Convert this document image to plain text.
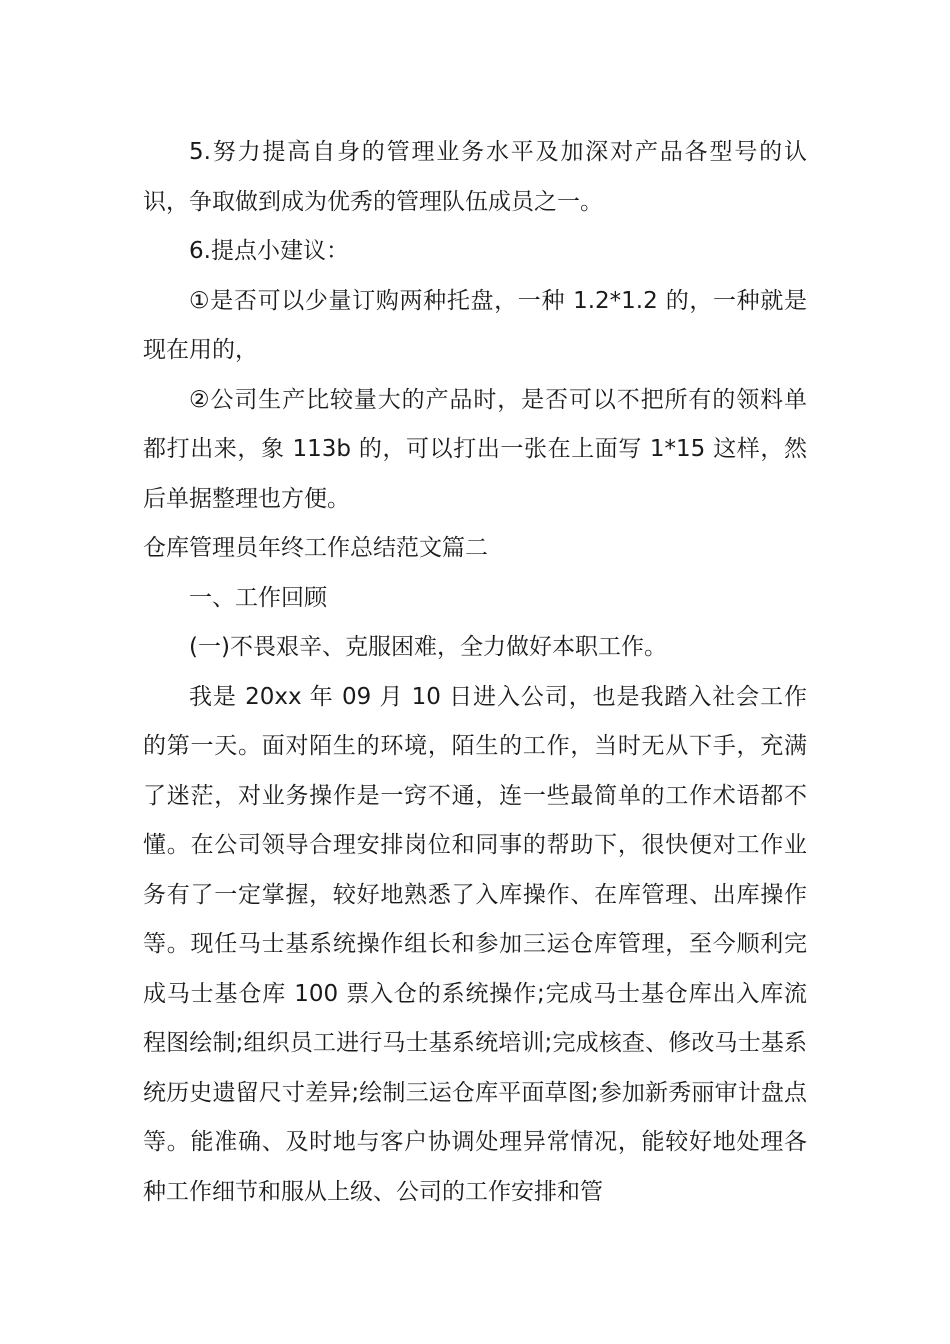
5.努力提高自身的管理业务水平及加深对产品各型号的认识，争取做到成为优秀的管理队伍成员之一。

6.提点小建议：

①是否可以少量订购两种托盘，一种 1.2*1.2 的，一种就是现在用的，

②公司生产比较量大的产品时，是否可以不把所有的领料单都打出来，象 113b 的，可以打出一张在上面写 1*15 这样，然后单据整理也方便。

仓库管理员年终工作总结范文篇二

一、工作回顾

(一)不畏艰辛、克服困难，全力做好本职工作。

我是 20xx 年 09 月 10 日进入公司，也是我踏入社会工作的第一天。面对陌生的环境，陌生的工作，当时无从下手，充满了迷茫，对业务操作是一窍不通，连一些最简单的工作术语都不懂。在公司领导合理安排岗位和同事的帮助下，很快便对工作业务有了一定掌握，较好地熟悉了入库操作、在库管理、出库操作等。现任马士基系统操作组长和参加三运仓库管理，至今顺利完成马士基仓库 100 票入仓的系统操作;完成马士基仓库出入库流程图绘制;组织员工进行马士基系统培训;完成核查、修改马士基系统历史遗留尺寸差异;绘制三运仓库平面草图;参加新秀丽审计盘点等。能准确、及时地与客户协调处理异常情况，能较好地处理各种工作细节和服从上级、公司的工作安排和管
